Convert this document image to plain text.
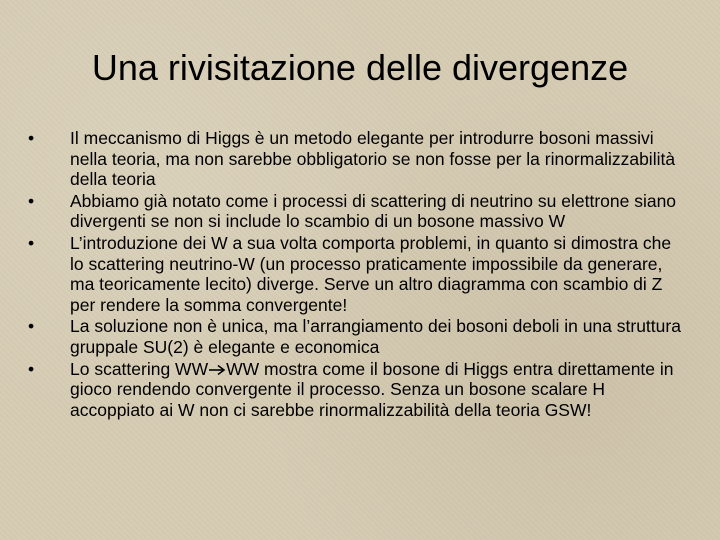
Una rivisitazione delle divergenze
•	Il meccanismo di Higgs è un metodo elegante per introdurre bosoni massivi nella teoria, ma non sarebbe obbligatorio se non fosse per la rinormalizzabilità della teoria
•	Abbiamo già notato come i processi di scattering di neutrino su elettrone siano divergenti se non si include lo scambio di un bosone massivo W
•	L’introduzione dei W a sua volta comporta problemi, in quanto si dimostra che lo scattering neutrino-W (un processo praticamente impossibile da generare, ma teoricamente lecito) diverge. Serve un altro diagramma con scambio di Z per rendere la somma convergente!
•	La soluzione non è unica, ma l’arrangiamento dei bosoni deboli in una struttura gruppale SU(2) è elegante e economica
•	Lo scattering WW WW mostra come il bosone di Higgs entra direttamente in gioco rendendo convergente il processo. Senza un bosone scalare H accoppiato ai W non ci sarebbe rinormalizzabilità della teoria GSW!
